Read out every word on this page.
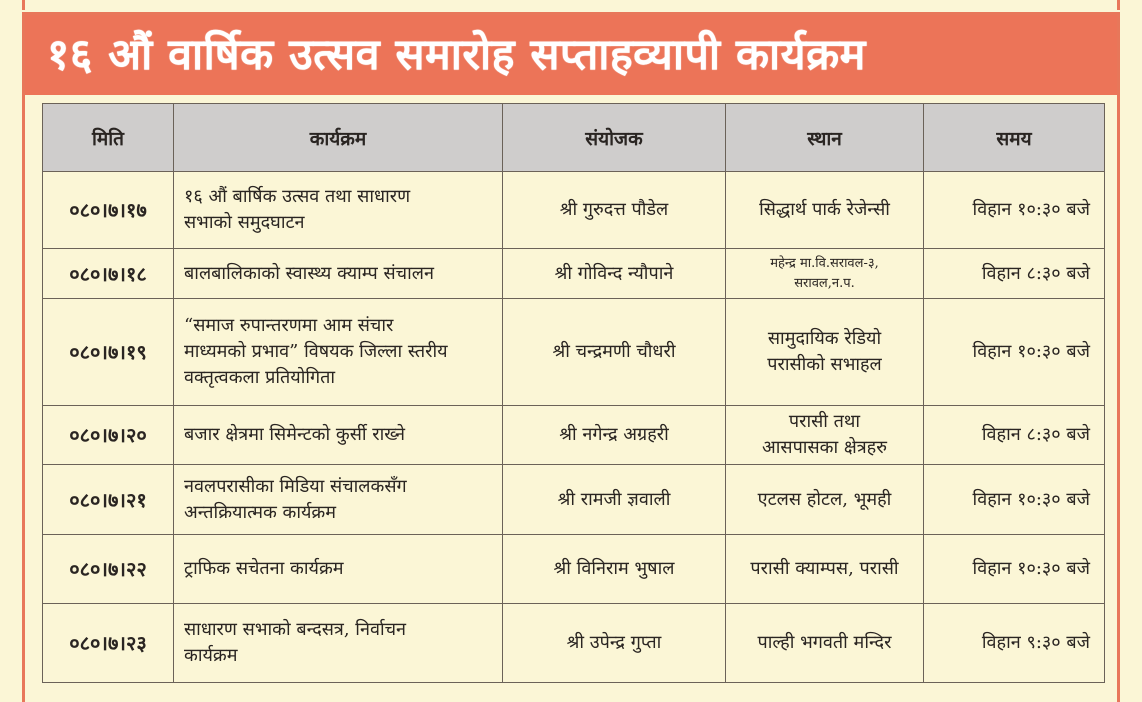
१६ औं वार्षिक उत्सव समारोह सप्ताहव्यापी कार्यक्रम
मिति	कार्यक्रम	संयोजक	स्थान	समय
०८०।७।१७	१६ औं बार्षिक उत्सव तथा साधारण
सभाको समुदघाटन	श्री गुरुदत्त पौडेल	सिद्धार्थ पार्क रेजेन्सी	विहान १०:३० बजे
०८०।७।१८	बालबालिकाको स्वास्थ्य क्याम्प संचालन	श्री गोविन्द न्यौपाने	महेन्द्र मा.वि.सरावल-३,
सरावल,न.प.	विहान ८:३० बजे
०८०।७।१९	“समाज रुपान्तरणमा आम संचार
माध्यमको प्रभाव” विषयक जिल्ला स्तरीय
वक्तृत्वकला प्रतियोगिता	श्री चन्द्रमणी चौधरी	सामुदायिक रेडियो
परासीको सभाहल	विहान १०:३० बजे
०८०।७।२०	बजार क्षेत्रमा सिमेन्टको कुर्सी राख्ने	श्री नगेन्द्र अग्रहरी	परासी तथा
आसपासका क्षेत्रहरु	विहान ८:३० बजे
०८०।७।२१	नवलपरासीका मिडिया संचालकसँग
अन्तक्रियात्मक कार्यक्रम	श्री रामजी ज्ञवाली	एटलस होटल, भूमही	विहान १०:३० बजे
०८०।७।२२	ट्राफिक सचेतना कार्यक्रम	श्री विनिराम भुषाल	परासी क्याम्पस, परासी	विहान १०:३० बजे
०८०।७।२३	साधारण सभाको बन्दसत्र, निर्वाचन
कार्यक्रम	श्री उपेन्द्र गुप्ता	पाल्ही भगवती मन्दिर	विहान ९:३० बजे
